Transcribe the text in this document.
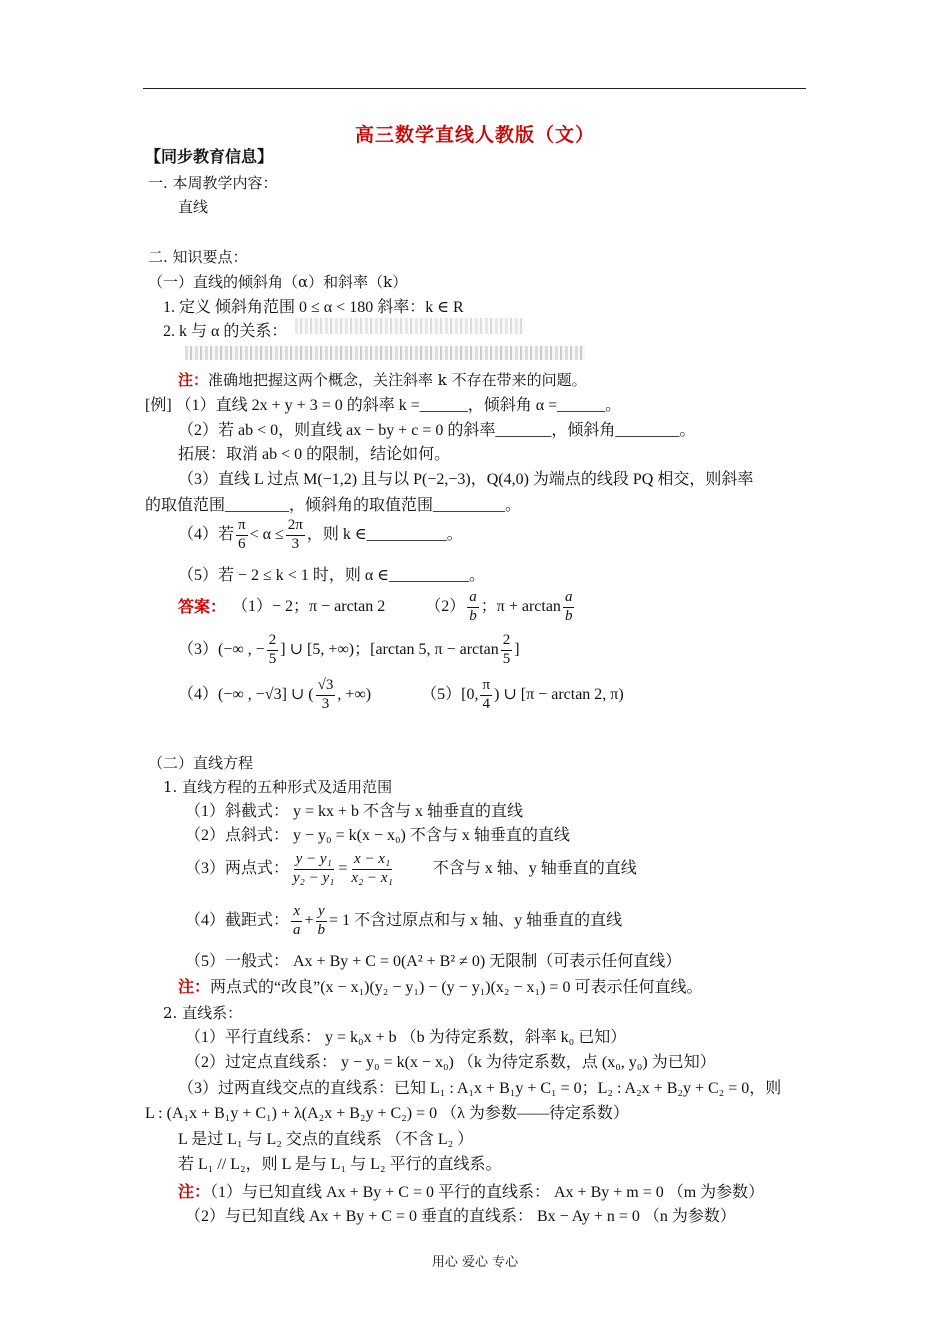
高三数学直线人教版（文）
【同步教育信息】
一. 本周教学内容：
直线
二. 知识要点：
（一）直线的倾斜角（α）和斜率（k）
1. 定义 倾斜角范围 0 ≤ α < 180 斜率：k ∈ R
2. k 与 α 的关系：
注：准确地把握这两个概念，关注斜率 k 不存在带来的问题。
[例] （1）直线 2x + y + 3 = 0 的斜率 k =______，倾斜角 α =______。
（2）若 ab < 0，则直线 ax − by + c = 0 的斜率_______，倾斜角________。
拓展：取消 ab < 0 的限制，结论如何。
（3）直线 L 过点 M(−1,2) 且与以 P(−2,−3)，Q(4,0) 为端点的线段 PQ 相交，则斜率
的取值范围________，倾斜角的取值范围_________。
（4）若 $\frac{\pi}{6} < \alpha \le \frac{2\pi}{3}$ ，则 k ∈__________。
（5）若 − 2 ≤ k < 1 时，则 α ∈__________。
答案： （1）− 2；π − arctan 2	$(2) \frac{a}{b}$ ；$\pi + \arctan \frac{a}{b}$
（3）(−∞ , − $\frac{2}{5}$ ] ∪ [5, +∞)；[arctan 5, $\pi - \arctan \frac{2}{5}$ ]
（4）(−∞ , −√3] ∪ ( $\frac{√3}{3}$ , +∞)	（5）[0, $\frac{\pi}{4}$ ) ∪ [π − arctan 2, π)
（二）直线方程
1. 直线方程的五种形式及适用范围
（1）斜截式： y = kx + b 不含与 x 轴垂直的直线
（2）点斜式： y − y₀ = k(x − x₀) 不含与 x 轴垂直的直线
（3）两点式： $\frac{\text{y − y₁}}{\text{y₂ − y₁}} = \frac{\text{x − x₁}}{\text{x₂ − x₁}}$ 不含与 x 轴、y 轴垂直的直线
（4）截距式： $\frac{x}{a} + \frac{y}{b} = 1$ 不含过原点和与 x 轴、y 轴垂直的直线
（5）一般式： Ax + By + C = 0(A² + B² ≠ 0) 无限制（可表示任何直线）
注：两点式的“改良”(x − x₁)(y₂ − y₁) − (y − y₁)(x₂ − x₁) = 0 可表示任何直线。
2. 直线系：
（1）平行直线系： y = k₀x + b （b 为待定系数，斜率 k₀ 已知）
（2）过定点直线系： y − y₀ = k(x − x₀) （k 为待定系数，点 (x₀, y₀) 为已知）
（3）过两直线交点的直线系：已知 L₁ : A₁x + B₁y + C₁ = 0；L₂ : A₂x + B₂y + C₂ = 0，则
L : (A₁x + B₁y + C₁) + λ(A₂x + B₂y + C₂) = 0 （λ 为参数——待定系数）
L 是过 L₁ 与 L₂ 交点的直线系 （不含 L₂ ）
若 L₁ // L₂，则 L 是与 L₁ 与 L₂ 平行的直线系。
注：（1）与已知直线 Ax + By + C = 0 平行的直线系： Ax + By + m = 0 （m 为参数）
（2）与已知直线 Ax + By + C = 0 垂直的直线系： Bx − Ay + n = 0 （n 为参数）
用心 爱心 专心
